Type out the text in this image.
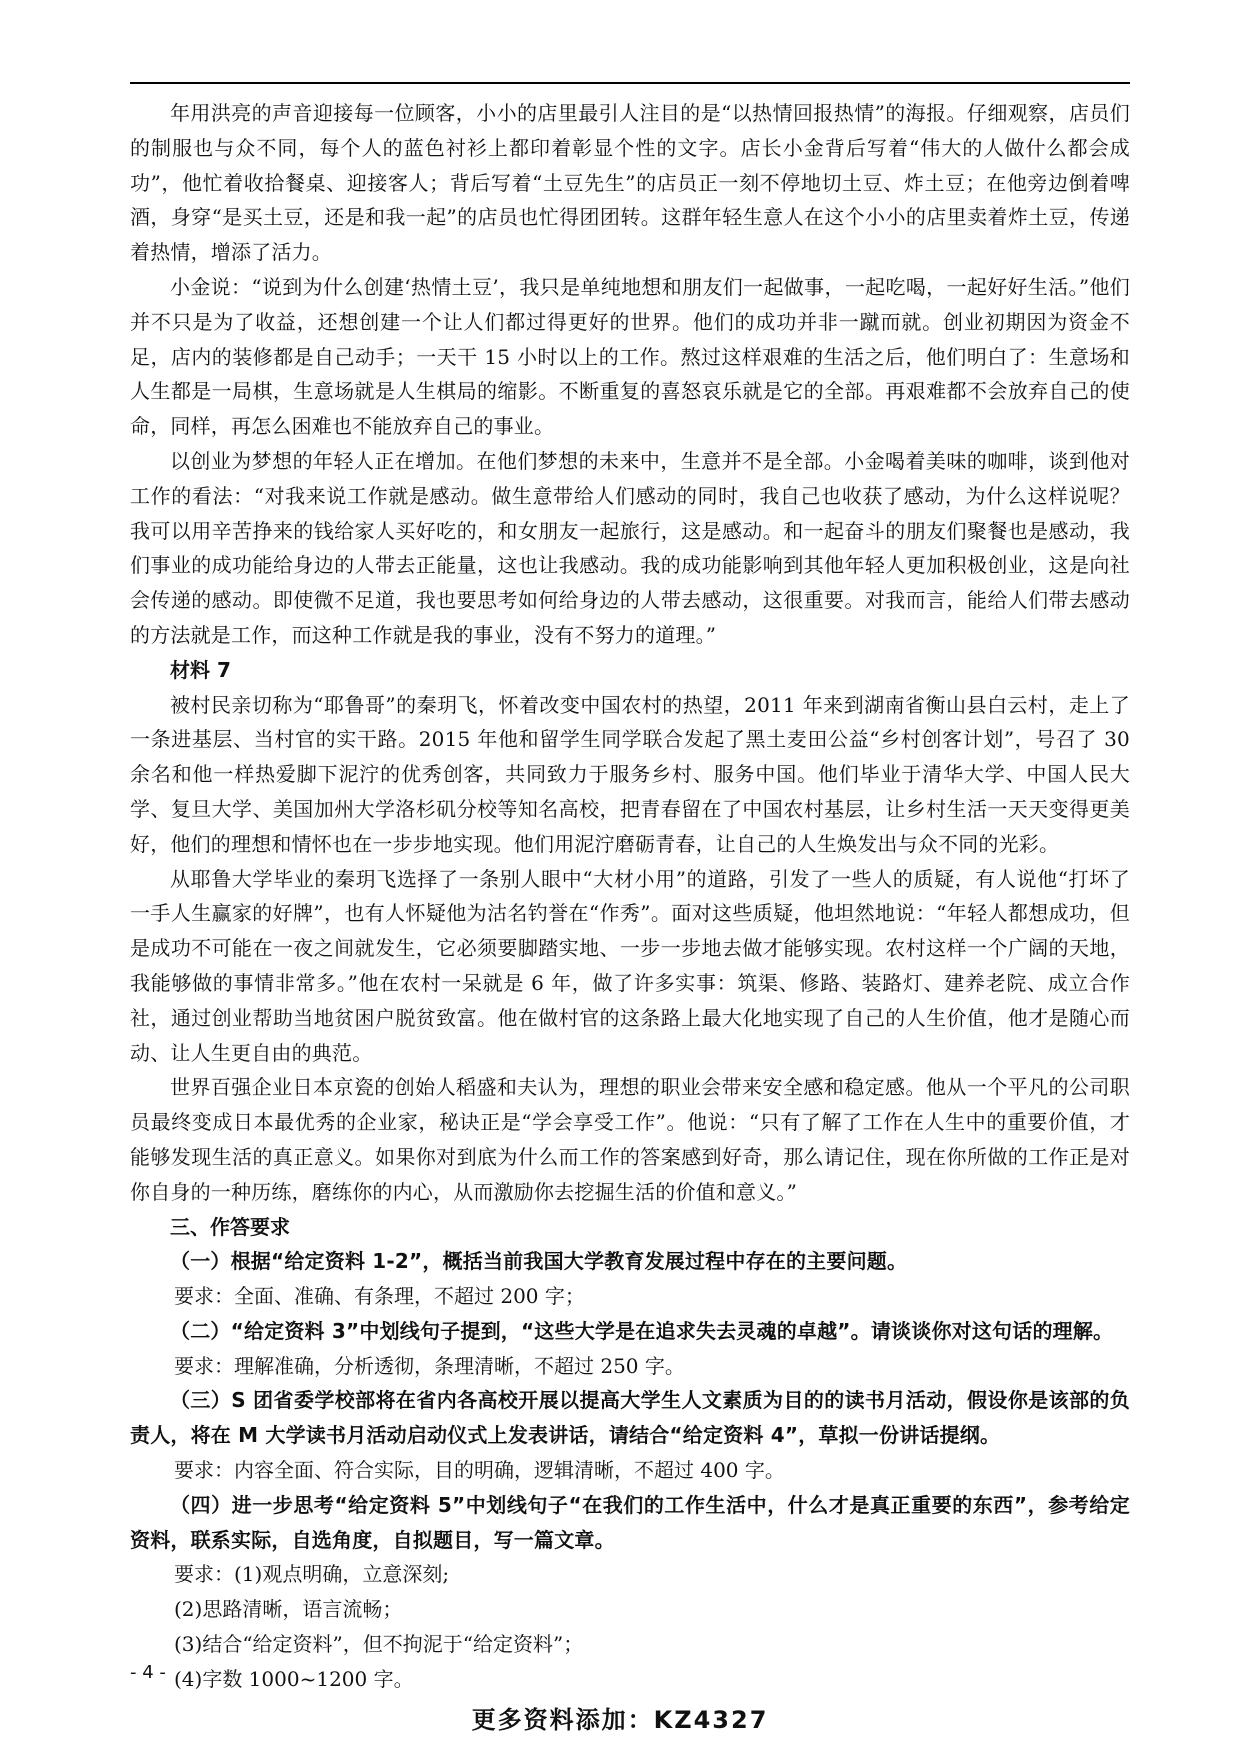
年用洪亮的声音迎接每一位顾客，小小的店里最引人注目的是“以热情回报热情”的海报。仔细观察，店员们的制服也与众不同，每个人的蓝色衬衫上都印着彰显个性的文字。店长小金背后写着“伟大的人做什么都会成功”，他忙着收拾餐桌、迎接客人；背后写着“土豆先生”的店员正一刻不停地切土豆、炸土豆；在他旁边倒着啤酒，身穿“是买土豆，还是和我一起”的店员也忙得团团转。这群年轻生意人在这个小小的店里卖着炸土豆，传递着热情，增添了活力。

小金说：“说到为什么创建‘热情土豆’，我只是单纯地想和朋友们一起做事，一起吃喝，一起好好生活。”他们并不只是为了收益，还想创建一个让人们都过得更好的世界。他们的成功并非一蹴而就。创业初期因为资金不足，店内的装修都是自己动手；一天干 15 小时以上的工作。熬过这样艰难的生活之后，他们明白了：生意场和人生都是一局棋，生意场就是人生棋局的缩影。不断重复的喜怒哀乐就是它的全部。再艰难都不会放弃自己的使命，同样，再怎么困难也不能放弃自己的事业。

以创业为梦想的年轻人正在增加。在他们梦想的未来中，生意并不是全部。小金喝着美味的咖啡，谈到他对工作的看法：“对我来说工作就是感动。做生意带给人们感动的同时，我自己也收获了感动，为什么这样说呢？我可以用辛苦挣来的钱给家人买好吃的，和女朋友一起旅行，这是感动。和一起奋斗的朋友们聚餐也是感动，我们事业的成功能给身边的人带去正能量，这也让我感动。我的成功能影响到其他年轻人更加积极创业，这是向社会传递的感动。即使微不足道，我也要思考如何给身边的人带去感动，这很重要。对我而言，能给人们带去感动的方法就是工作，而这种工作就是我的事业，没有不努力的道理。”

材料 7

被村民亲切称为“耶鲁哥”的秦玥飞，怀着改变中国农村的热望，2011 年来到湖南省衡山县白云村，走上了一条进基层、当村官的实干路。2015 年他和留学生同学联合发起了黑土麦田公益“乡村创客计划”，号召了 30 余名和他一样热爱脚下泥泞的优秀创客，共同致力于服务乡村、服务中国。他们毕业于清华大学、中国人民大学、复旦大学、美国加州大学洛杉矶分校等知名高校，把青春留在了中国农村基层，让乡村生活一天天变得更美好，他们的理想和情怀也在一步步地实现。他们用泥泞磨砺青春，让自己的人生焕发出与众不同的光彩。

从耶鲁大学毕业的秦玥飞选择了一条别人眼中“大材小用”的道路，引发了一些人的质疑，有人说他“打坏了一手人生赢家的好牌”，也有人怀疑他为沽名钓誉在“作秀”。面对这些质疑，他坦然地说：“年轻人都想成功，但是成功不可能在一夜之间就发生，它必须要脚踏实地、一步一步地去做才能够实现。农村这样一个广阔的天地，我能够做的事情非常多。”他在农村一呆就是 6 年，做了许多实事：筑渠、修路、装路灯、建养老院、成立合作社，通过创业帮助当地贫困户脱贫致富。他在做村官的这条路上最大化地实现了自己的人生价值，他才是随心而动、让人生更自由的典范。

世界百强企业日本京瓷的创始人稻盛和夫认为，理想的职业会带来安全感和稳定感。他从一个平凡的公司职员最终变成日本最优秀的企业家，秘诀正是“学会享受工作”。他说：“只有了解了工作在人生中的重要价值，才能够发现生活的真正意义。如果你对到底为什么而工作的答案感到好奇，那么请记住，现在你所做的工作正是对你自身的一种历练，磨练你的内心，从而激励你去挖掘生活的价值和意义。”

三、作答要求

（一）根据“给定资料 1-2”，概括当前我国大学教育发展过程中存在的主要问题。

要求：全面、准确、有条理，不超过 200 字；

（二）“给定资料 3”中划线句子提到，“这些大学是在追求失去灵魂的卓越”。请谈谈你对这句话的理解。

要求：理解准确，分析透彻，条理清晰，不超过 250 字。

（三）S 团省委学校部将在省内各高校开展以提高大学生人文素质为目的的读书月活动，假设你是该部的负责人，将在 M 大学读书月活动启动仪式上发表讲话，请结合“给定资料 4”，草拟一份讲话提纲。

要求：内容全面、符合实际，目的明确，逻辑清晰，不超过 400 字。

（四）进一步思考“给定资料 5”中划线句子“在我们的工作生活中，什么才是真正重要的东西”，参考给定资料，联系实际，自选角度，自拟题目，写一篇文章。

要求：(1)观点明确，立意深刻;

(2)思路清晰，语言流畅；

(3)结合“给定资料”，但不拘泥于“给定资料”；

(4)字数 1000~1200 字。

- 4 -
更多资料添加：KZ4327
